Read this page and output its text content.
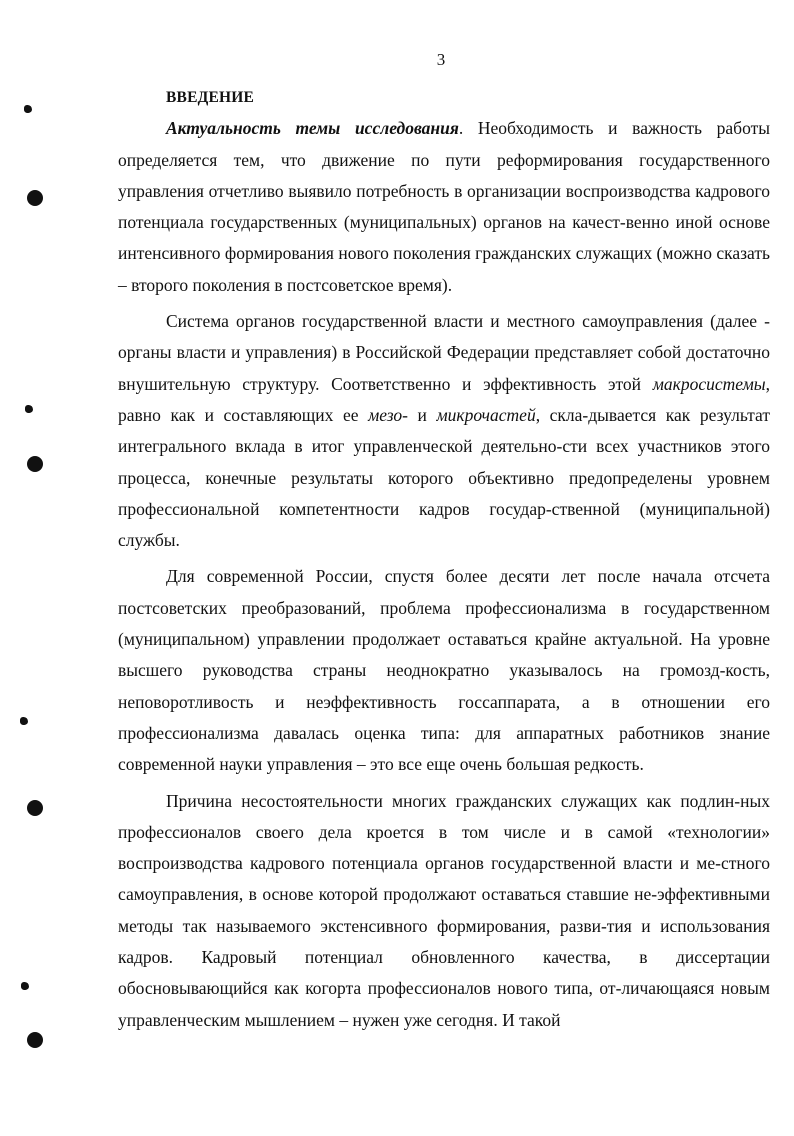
3
ВВЕДЕНИЕ

Актуальность темы исследования. Необходимость и важность работы определяется тем, что движение по пути реформирования государственного управления отчетливо выявило потребность в организации воспроизводства кадрового потенциала государственных (муниципальных) органов на качест-венно иной основе интенсивного формирования нового поколения гражданских служащих (можно сказать – второго поколения в постсоветское время).

Система органов государственной власти и местного самоуправления (далее - органы власти и управления) в Российской Федерации представляет собой достаточно внушительную структуру. Соответственно и эффективность этой макросистемы, равно как и составляющих ее мезо- и микрочастей, скла-дывается как результат интегрального вклада в итог управленческой деятельно-сти всех участников этого процесса, конечные результаты которого объективно предопределены уровнем профессиональной компетентности кадров государ-ственной (муниципальной) службы.

Для современной России, спустя более десяти лет после начала отсчета постсоветских преобразований, проблема профессионализма в государственном (муниципальном) управлении продолжает оставаться крайне актуальной. На уровне высшего руководства страны неоднократно указывалось на громозд-кость, неповоротливость и неэффективность госсаппарата, а в отношении его профессионализма давалась оценка типа: для аппаратных работников знание современной науки управления – это все еще очень большая редкость.

Причина несостоятельности многих гражданских служащих как подлин-ных профессионалов своего дела кроется в том числе и в самой «технологии» воспроизводства кадрового потенциала органов государственной власти и ме-стного самоуправления, в основе которой продолжают оставаться ставшие не-эффективными методы так называемого экстенсивного формирования, разви-тия и использования кадров. Кадровый потенциал обновленного качества, в диссертации обосновывающийся как когорта профессионалов нового типа, от-личающаяся новым управленческим мышлением – нужен уже сегодня. И такой
